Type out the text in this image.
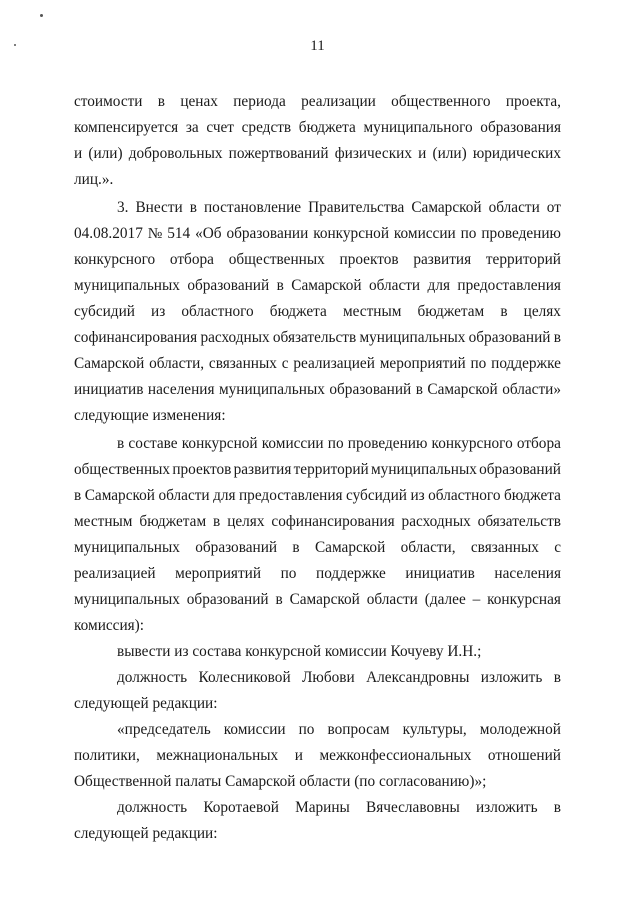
11
стоимости в ценах периода реализации общественного проекта,
компенсируется за счет средств бюджета муниципального образования
и (или) добровольных пожертвований физических и (или) юридических
лиц.».
3. Внести в постановление Правительства Самарской области от
04.08.2017 № 514 «Об образовании конкурсной комиссии по проведению
конкурсного отбора общественных проектов развития территорий
муниципальных образований в Самарской области для предоставления
субсидий из областного бюджета местным бюджетам в целях
софинансирования расходных обязательств муниципальных образований в
Самарской области, связанных с реализацией мероприятий по поддержке
инициатив населения муниципальных образований в Самарской области»
следующие изменения:
в составе конкурсной комиссии по проведению конкурсного отбора
общественных проектов развития территорий муниципальных образований
в Самарской области для предоставления субсидий из областного бюджета
местным бюджетам в целях софинансирования расходных обязательств
муниципальных образований в Самарской области, связанных с
реализацией мероприятий по поддержке инициатив населения
муниципальных образований в Самарской области (далее – конкурсная
комиссия):
вывести из состава конкурсной комиссии Кочуеву И.Н.;
должность Колесниковой Любови Александровны изложить в
следующей редакции:
«председатель комиссии по вопросам культуры, молодежной
политики, межнациональных и межконфессиональных отношений
Общественной палаты Самарской области (по согласованию)»;
должность Коротаевой Марины Вячеславовны изложить в
следующей редакции:
